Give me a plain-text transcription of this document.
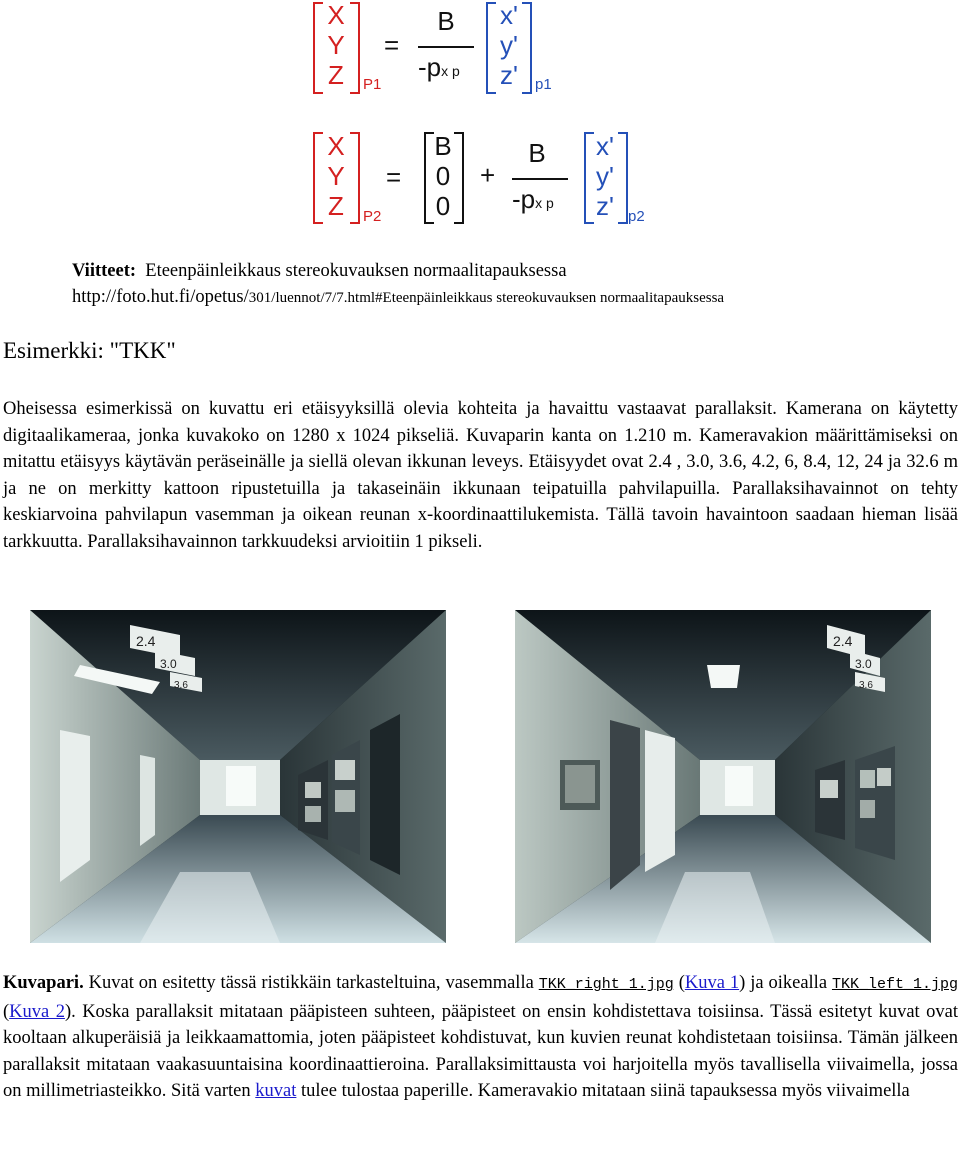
X
Y
Z	P1
=
B
-px p
x'
y'
z'	p1
X
Y
Z	P2
=
B
0
0
+
B
-px p
x'
y'
z' p2
Viitteet: Eteenpäinleikkaus stereokuvauksen normaalitapauksessa
http://foto.hut.fi/opetus/301/luennot/7/7.html#Eteenpäinleikkaus stereokuvauksen normaalitapauksessa
Esimerkki: "TKK"

Oheisessa esimerkissä on kuvattu eri etäisyyksillä olevia kohteita ja havaittu vastaavat parallaksit. Kamerana on käytetty digitaalikameraa, jonka kuvakoko on 1280 x 1024 pikseliä. Kuvaparin kanta on 1.210 m. Kameravakion määrittämiseksi on mitattu etäisyys käytävän peräseinälle ja siellä olevan ikkunan leveys. Etäisyydet ovat 2.4 , 3.0, 3.6, 4.2, 6, 8.4, 12, 24 ja 32.6 m ja ne on merkitty kattoon ripustetuilla ja takaseinäin ikkunaan teipatuilla pahvilapuilla. Parallaksihavainnot on tehty keskiarvoina pahvilapun vasemman ja oikean reunan x-koordinaattilukemista. Tällä tavoin havaintoon saadaan hieman lisää tarkkuutta. Parallaksihavainnon tarkkuudeksi arvioitiin 1 pikseli.

2.4
3.0
3.6
2.4
3.0
3.6

Kuvapari. Kuvat on esitetty tässä ristikkäin tarkasteltuina, vasemmalla TKK_right_1.jpg (Kuva 1) ja oikealla TKK_left_1.jpg (Kuva 2). Koska parallaksit mitataan pääpisteen suhteen, pääpisteet on ensin kohdistettava toisiinsa. Tässä esitetyt kuvat ovat kooltaan alkuperäisiä ja leikkaamattomia, joten pääpisteet kohdistuvat, kun kuvien reunat kohdistetaan toisiinsa. Tämän jälkeen parallaksit mitataan vaakasuuntaisina koordinaattieroina. Parallaksimittausta voi harjoitella myös tavallisella viivaimella, jossa on millimetriasteikko. Sitä varten kuvat tulee tulostaa paperille. Kameravakio mitataan siinä tapauksessa myös viivaimella
